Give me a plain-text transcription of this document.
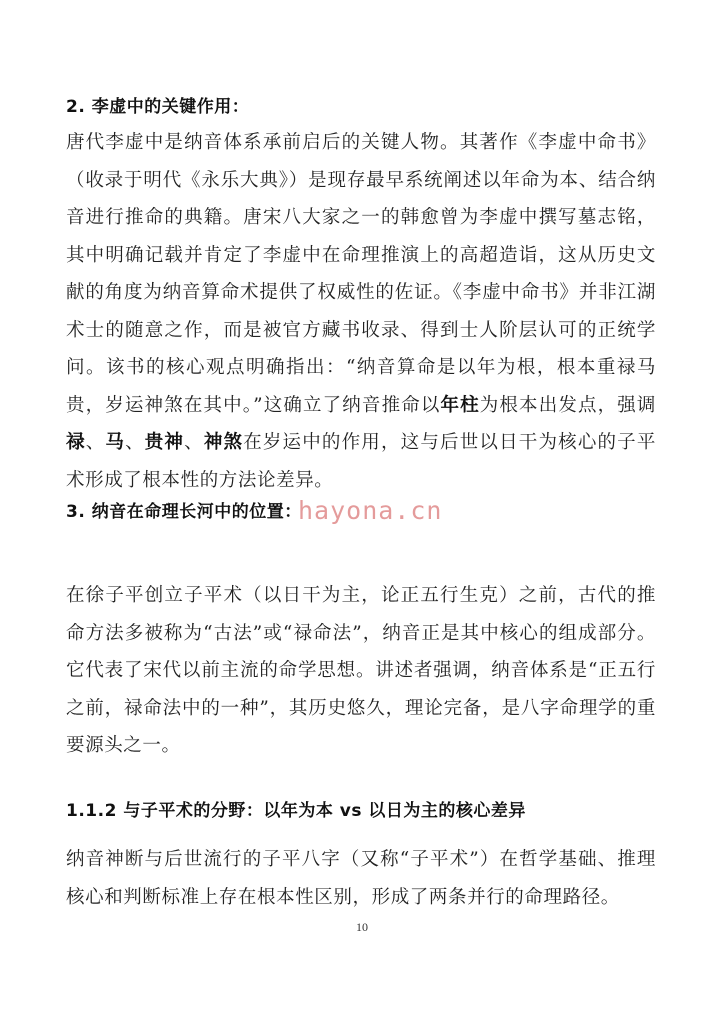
2. 李虚中的关键作用：
唐代李虚中是纳音体系承前启后的关键人物。其著作《李虚中命书》（收录于明代《永乐大典》）是现存最早系统阐述以年命为本、结合纳音进行推命的典籍。唐宋八大家之一的韩愈曾为李虚中撰写墓志铭，其中明确记载并肯定了李虚中在命理推演上的高超造诣，这从历史文献的角度为纳音算命术提供了权威性的佐证。《李虚中命书》并非江湖术士的随意之作，而是被官方藏书收录、得到士人阶层认可的正统学问。该书的核心观点明确指出：“纳音算命是以年为根，根本重禄马贵，岁运神煞在其中。”这确立了纳音推命以年柱为根本出发点，强调禄、马、贵神、神煞在岁运中的作用，这与后世以日干为核心的子平术形成了根本性的方法论差异。
3. 纳音在命理长河中的位置：
在徐子平创立子平术（以日干为主，论正五行生克）之前，古代的推命方法多被称为“古法”或“禄命法”，纳音正是其中核心的组成部分。它代表了宋代以前主流的命学思想。讲述者强调，纳音体系是“正五行之前，禄命法中的一种”，其历史悠久，理论完备，是八字命理学的重要源头之一。
1.1.2 与子平术的分野：以年为本 vs 以日为主的核心差异
纳音神断与后世流行的子平八字（又称“子平术”）在哲学基础、推理核心和判断标准上存在根本性区别，形成了两条并行的命理路径。
hayona.cn
10
